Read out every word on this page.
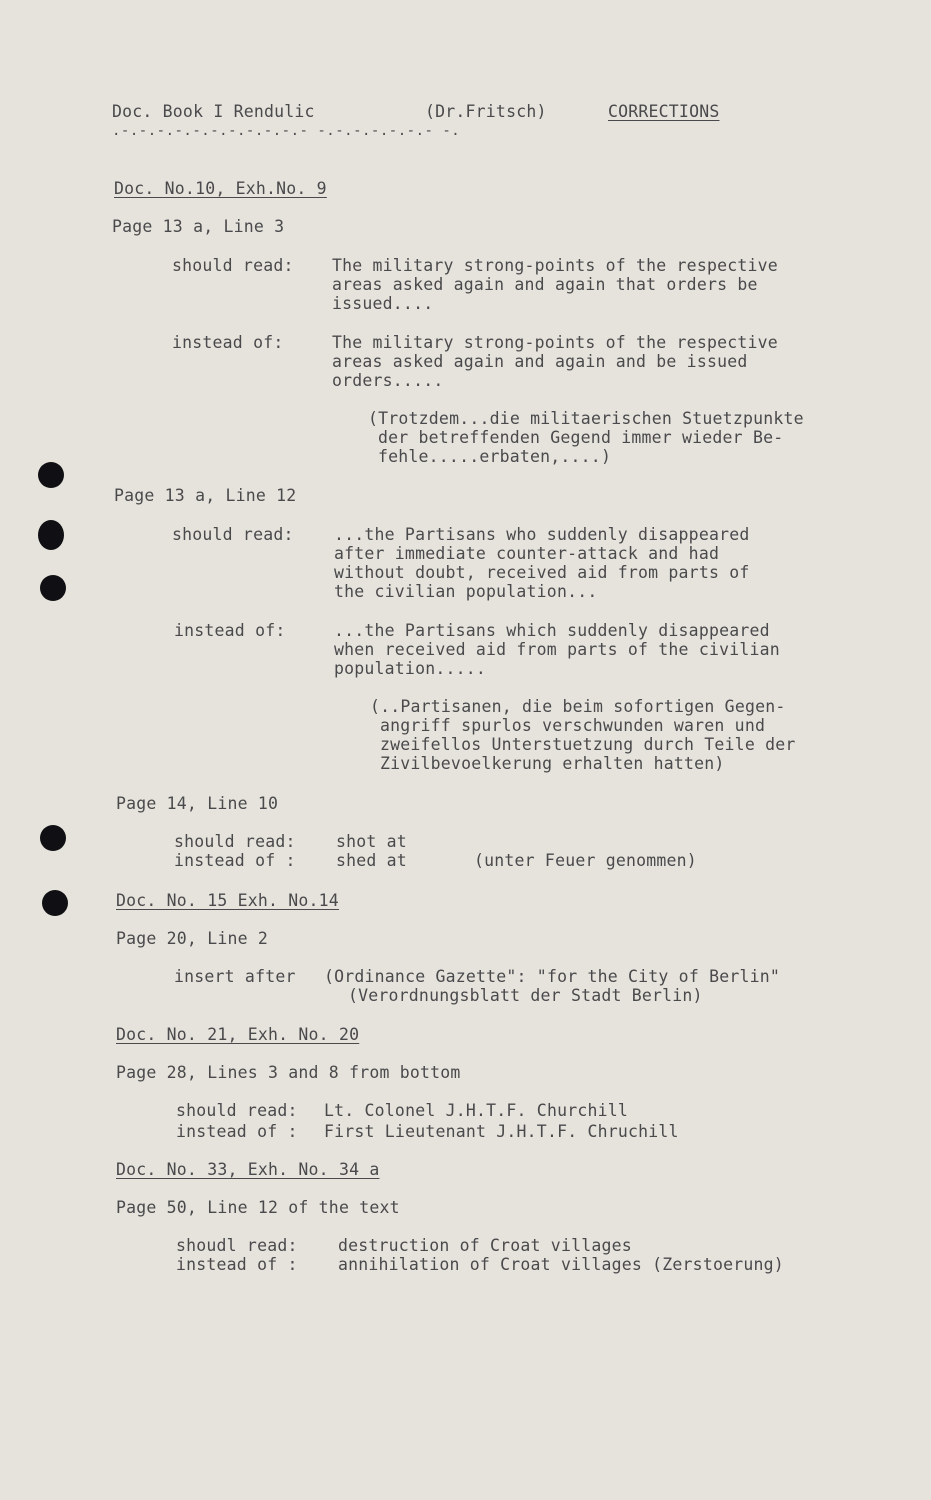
Doc. Book I Rendulic	(Dr.Fritsch)	CORRECTIONS
.-.-.-.-.-.-.-.-.-.-.- -.-.-.-.-.-.- -.
Doc. No.10, Exh.No. 9
Page 13 a, Line 3
should read: The military strong-points of the respective
areas asked again and again that orders be
issued....
instead of:	The military strong-points of the respective
areas asked again and again and be issued
orders.....
(Trotzdem...die militaerischen Stuetzpunkte
der betreffenden Gegend immer wieder Be-
fehle.....erbaten,....)
Page 13 a, Line 12
should read: ...the Partisans who suddenly disappeared
after immediate counter-attack and had
without doubt, received aid from parts of
the civilian population...
instead of:	...the Partisans which suddenly disappeared
when received aid from parts of the civilian
population.....
(..Partisanen, die beim sofortigen Gegen-
angriff spurlos verschwunden waren und
zweifellos Unterstuetzung durch Teile der
Zivilbevoelkerung erhalten hatten)
Page 14, Line 10
should read: shot at
instead of : shed at	(unter Feuer genommen)
Doc. No. 15 Exh. No.14
Page 20, Line 2
insert after (Ordinance Gazette": "for the City of Berlin"
(Verordnungsblatt der Stadt Berlin)
Doc. No. 21, Exh. No. 20
Page 28, Lines 3 and 8 from bottom
should read: Lt. Colonel J.H.T.F. Churchill
instead of : First Lieutenant J.H.T.F. Chruchill
Doc. No. 33, Exh. No. 34 a
Page 50, Line 12 of the text
shoudl read: destruction of Croat villages
instead of : annihilation of Croat villages (Zerstoerung)
